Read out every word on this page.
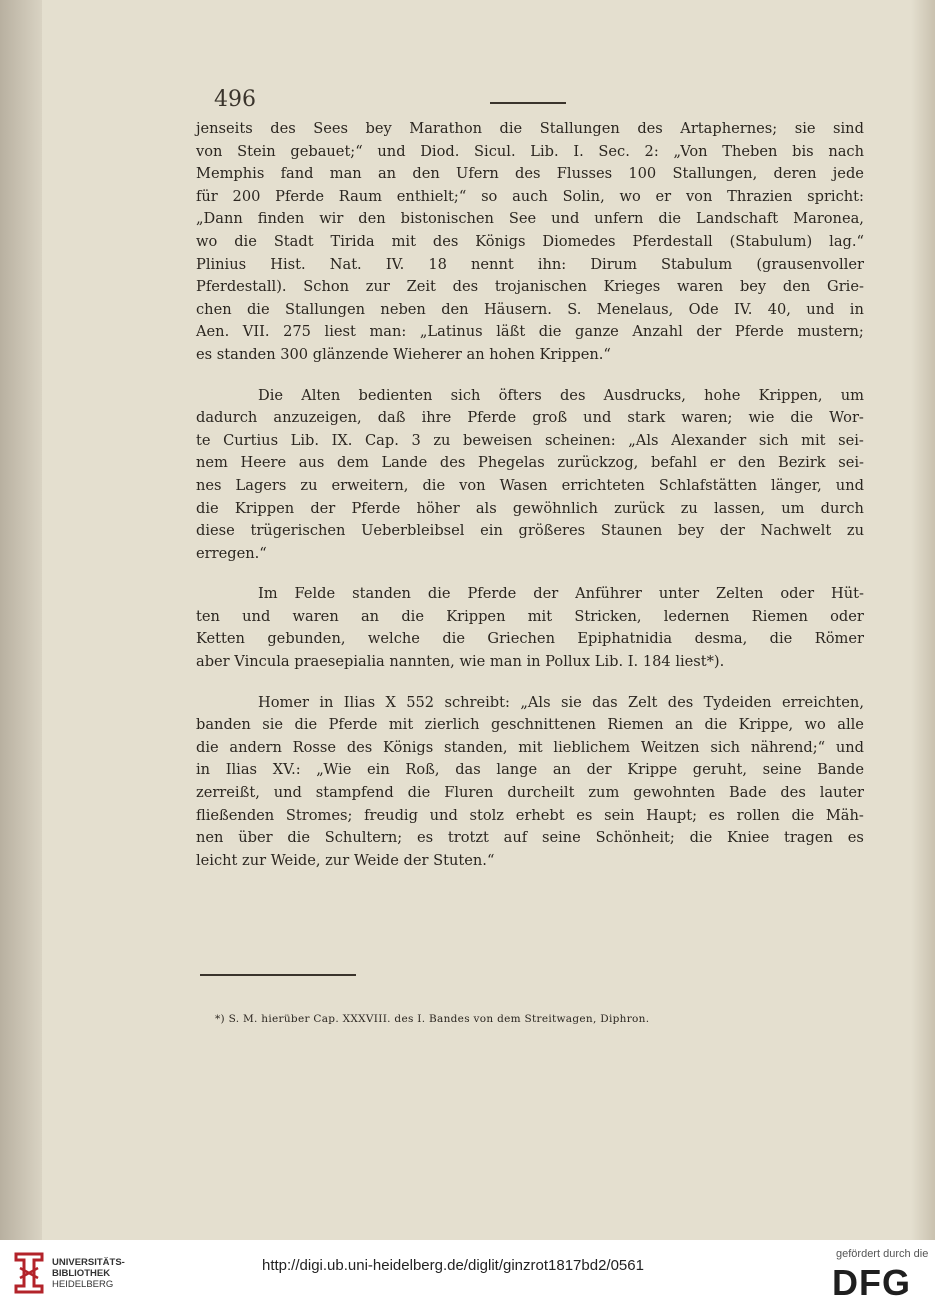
496
jenseits des Sees bey Marathon die Stallungen des Artaphernes; sie sind
von Stein gebauet;“ und Diod. Sicul. Lib. I. Sec. 2: „Von Theben bis nach
Memphis fand man an den Ufern des Flusses 100 Stallungen, deren jede
für 200 Pferde Raum enthielt;“ so auch Solin, wo er von Thrazien spricht:
„Dann finden wir den bistonischen See und unfern die Landschaft Maronea,
wo die Stadt Tirida mit des Königs Diomedes Pferdestall (Stabulum) lag.“
Plinius Hist. Nat. IV. 18 nennt ihn: Dirum Stabulum (grausenvoller
Pferdestall). Schon zur Zeit des trojanischen Krieges waren bey den Grie-
chen die Stallungen neben den Häusern. S. Menelaus, Ode IV. 40, und in
Aen. VII. 275 liest man: „Latinus läßt die ganze Anzahl der Pferde mustern;
es standen 300 glänzende Wieherer an hohen Krippen.“
Die Alten bedienten sich öfters des Ausdrucks, hohe Krippen, um
dadurch anzuzeigen, daß ihre Pferde groß und stark waren; wie die Wor-
te Curtius Lib. IX. Cap. 3 zu beweisen scheinen: „Als Alexander sich mit sei-
nem Heere aus dem Lande des Phegelas zurückzog, befahl er den Bezirk sei-
nes Lagers zu erweitern, die von Wasen errichteten Schlafstätten länger, und
die Krippen der Pferde höher als gewöhnlich zurück zu lassen, um durch
diese trügerischen Ueberbleibsel ein größeres Staunen bey der Nachwelt zu
erregen.“
Im Felde standen die Pferde der Anführer unter Zelten oder Hüt-
ten und waren an die Krippen mit Stricken, ledernen Riemen oder
Ketten gebunden, welche die Griechen Epiphatnidia desma, die Römer
aber Vincula praesepialia nannten, wie man in Pollux Lib. I. 184 liest*).
Homer in Ilias X 552 schreibt: „Als sie das Zelt des Tydeiden erreichten,
banden sie die Pferde mit zierlich geschnittenen Riemen an die Krippe, wo alle
die andern Rosse des Königs standen, mit lieblichem Weitzen sich nährend;“ und
in Ilias XV.: „Wie ein Roß, das lange an der Krippe geruht, seine Bande
zerreißt, und stampfend die Fluren durcheilt zum gewohnten Bade des lauter
fließenden Stromes; freudig und stolz erhebt es sein Haupt; es rollen die Mäh-
nen über die Schultern; es trotzt auf seine Schönheit; die Kniee tragen es
leicht zur Weide, zur Weide der Stuten.“
*) S. M. hierüber Cap. XXXVIII. des I. Bandes von dem Streitwagen, Diphron.
UNIVERSITÄTS-
BIBLIOTHEK
HEIDELBERG
http://digi.ub.uni-heidelberg.de/diglit/ginzrot1817bd2/0561
gefördert durch die
DFG
